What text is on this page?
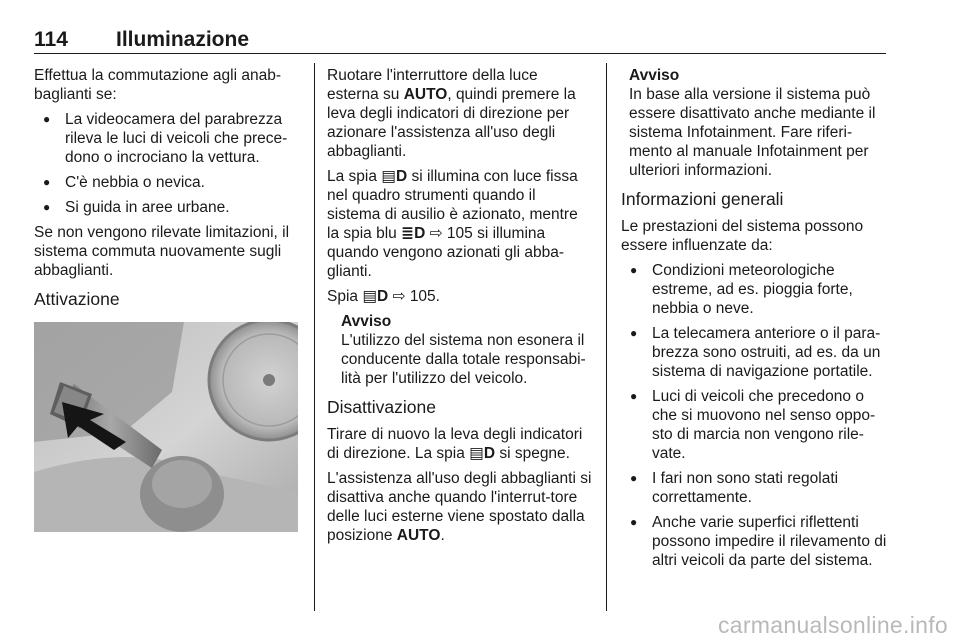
114 Illuminazione

Effettua la commutazione agli anab-baglianti se:

● La videocamera del parabrezza rileva le luci di veicoli che prece-dono o incrociano la vettura.
● C'è nebbia o nevica.
● Si guida in aree urbane.

Se non vengono rilevate limitazioni, il sistema commuta nuovamente sugli abbaglianti.

Attivazione

Ruotare l'interruttore della luce esterna su AUTO, quindi premere la leva degli indicatori di direzione per azionare l'assistenza all'uso degli abbaglianti.

La spia ▤D si illumina con luce fissa nel quadro strumenti quando il sistema di ausilio è azionato, mentre la spia blu ≣D ⇨ 105 si illumina quando vengono azionati gli abba-glianti.

Spia ▤D ⇨ 105.

Avviso
L'utilizzo del sistema non esonera il conducente dalla totale responsabi-lità per l'utilizzo del veicolo.
Disattivazione

Tirare di nuovo la leva degli indicatori di direzione. La spia ▤D si spegne.

L'assistenza all'uso degli abbaglianti si disattiva anche quando l'interrut-tore delle luci esterne viene spostato dalla posizione AUTO.

Avviso
In base alla versione il sistema può essere disattivato anche mediante il sistema Infotainment. Fare riferi-mento al manuale Infotainment per ulteriori informazioni.
Informazioni generali

Le prestazioni del sistema possono essere influenzate da:

● Condizioni meteorologiche estreme, ad es. pioggia forte, nebbia o neve.
● La telecamera anteriore o il para-brezza sono ostruiti, ad es. da un sistema di navigazione portatile.
● Luci di veicoli che precedono o che si muovono nel senso oppo-sto di marcia non vengono rile-vate.
● I fari non sono stati regolati correttamente.
● Anche varie superfici riflettenti possono impedire il rilevamento di altri veicoli da parte del sistema.
carmanualsonline.info
